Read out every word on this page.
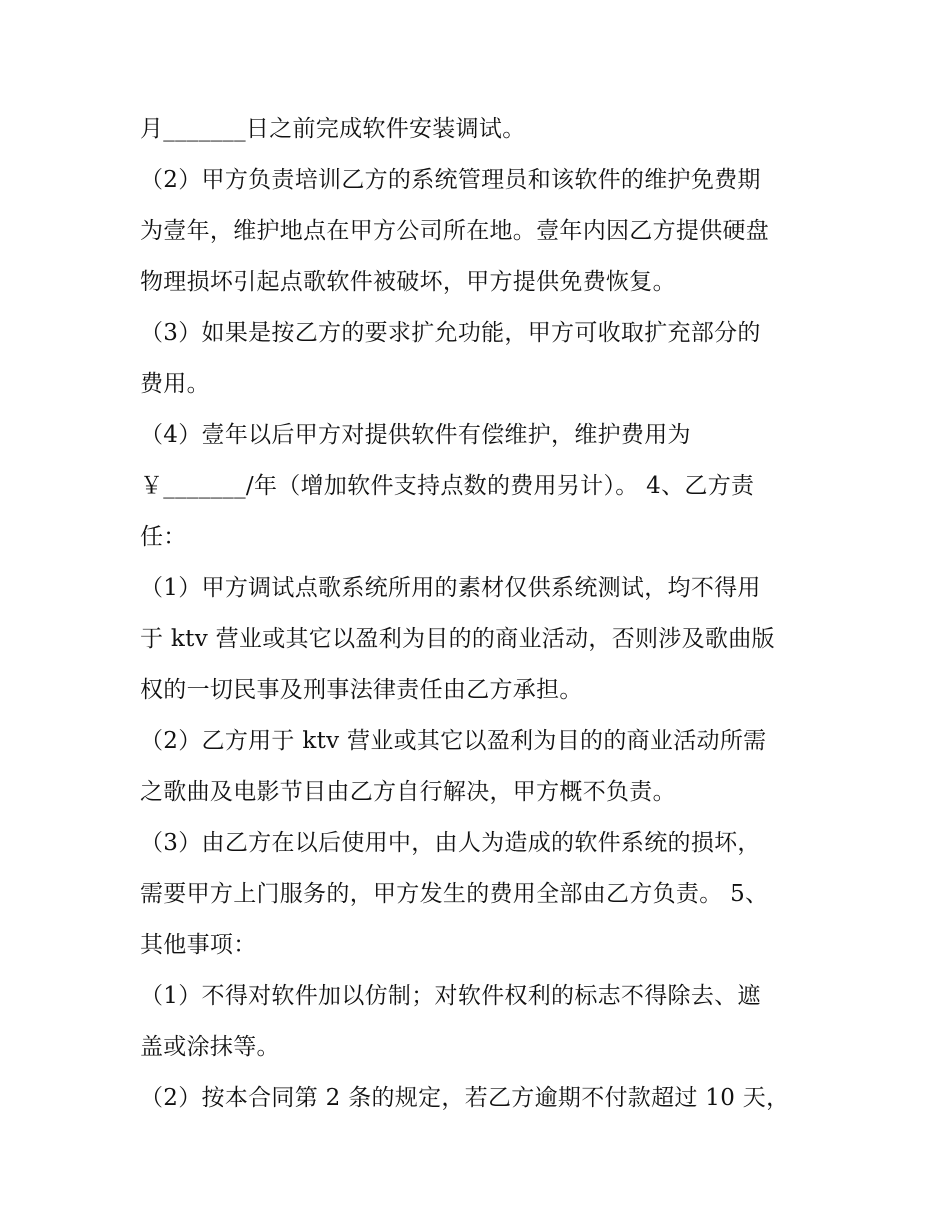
月_______日之前完成软件安装调试。
（2）甲方负责培训乙方的系统管理员和该软件的维护免费期
为壹年，维护地点在甲方公司所在地。壹年内因乙方提供硬盘
物理损坏引起点歌软件被破坏，甲方提供免费恢复。
（3）如果是按乙方的要求扩允功能，甲方可收取扩充部分的
费用。
（4）壹年以后甲方对提供软件有偿维护，维护费用为
￥_______/年（增加软件支持点数的费用另计）。 4、乙方责
任：
（1）甲方调试点歌系统所用的素材仅供系统测试，均不得用
于 ktv 营业或其它以盈利为目的的商业活动，否则涉及歌曲版
权的一切民事及刑事法律责任由乙方承担。
（2）乙方用于 ktv 营业或其它以盈利为目的的商业活动所需
之歌曲及电影节目由乙方自行解决，甲方概不负责。
（3）由乙方在以后使用中，由人为造成的软件系统的损坏，
需要甲方上门服务的，甲方发生的费用全部由乙方负责。 5、
其他事项：
（1）不得对软件加以仿制；对软件权利的标志不得除去、遮
盖或涂抹等。
（2）按本合同第 2 条的规定，若乙方逾期不付款超过 10 天，
